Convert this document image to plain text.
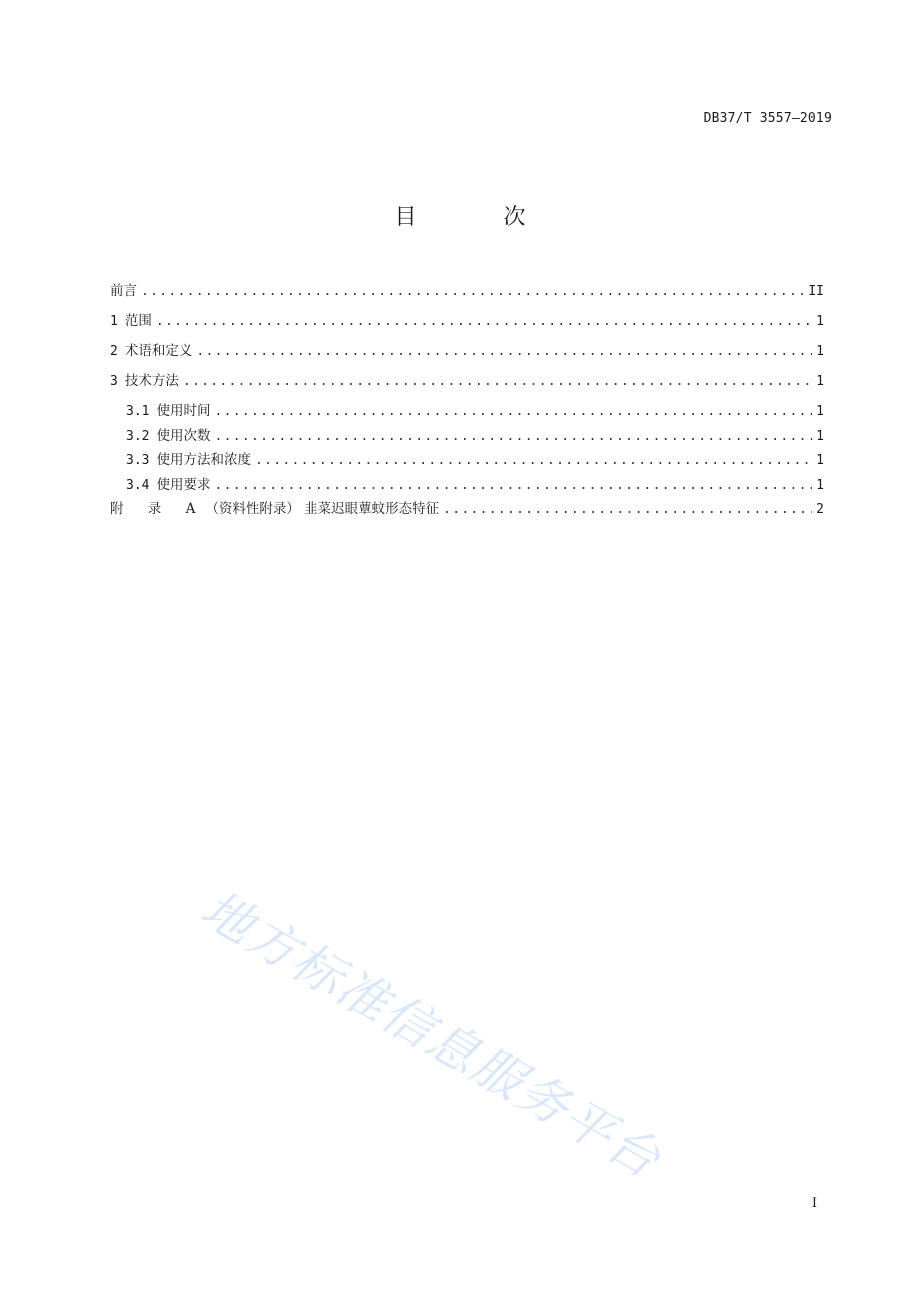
DB37/T 3557—2019
目 次
前言 .....	II
1 范围 .....	1
2 术语和定义 .....	1
3 技术方法 .....	1
3.1 使用时间 .....	1
3.2 使用次数 .....	1
3.3 使用方法和浓度 .....	1
3.4 使用要求 .....	1
附 录 A（资料性附录） 韭菜迟眼蕈蚊形态特征 .....	2
地方标准信息服务平台
I
